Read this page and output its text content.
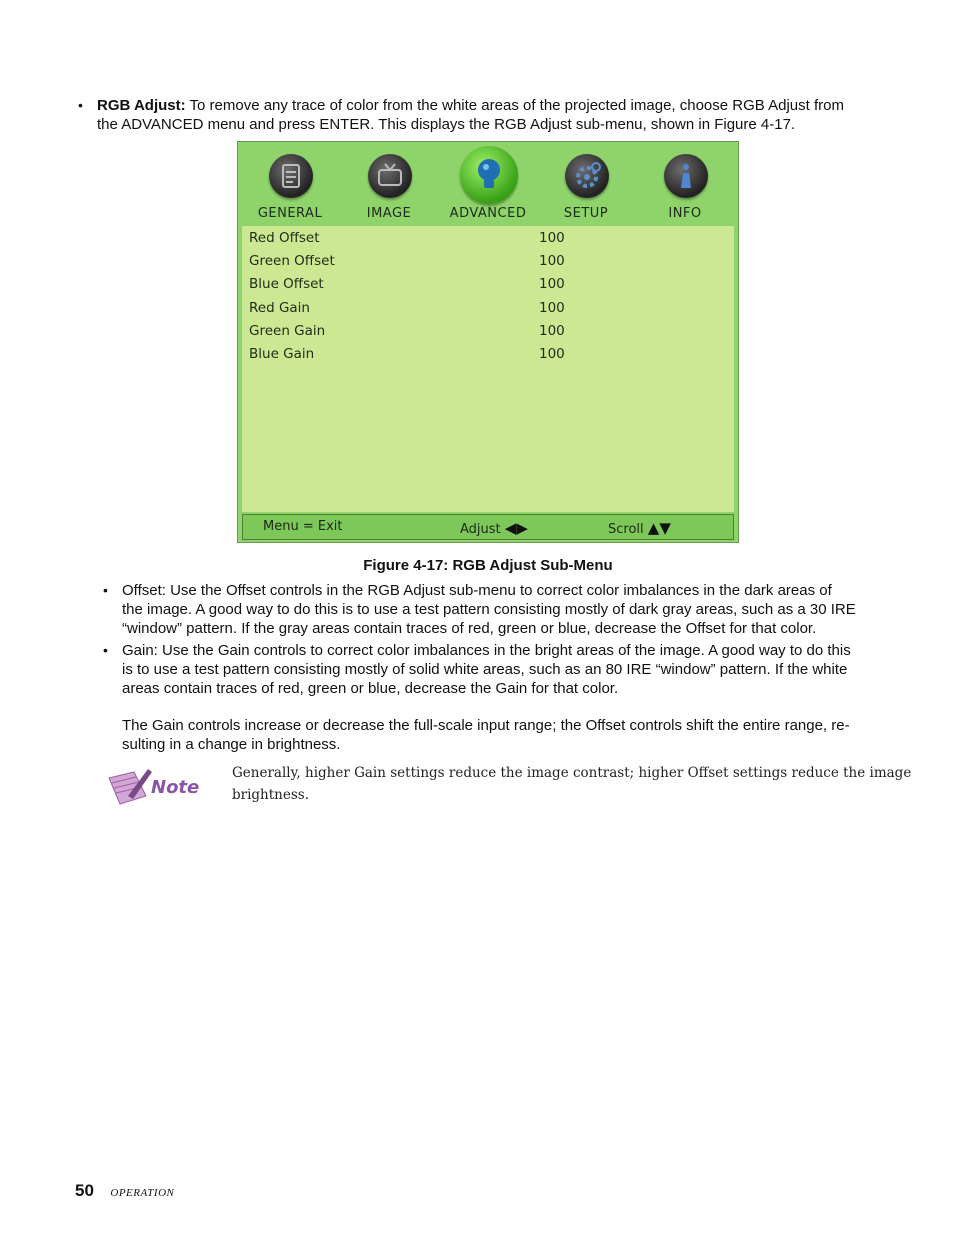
• RGB Adjust: To remove any trace of color from the white areas of the projected image, choose RGB Adjust from
the ADVANCED menu and press ENTER. This displays the RGB Adjust sub-menu, shown in Figure 4-17.
GENERAL	IMAGE	ADVANCED	SETUP	INFO
Red Offset	100
Green Offset	100
Blue Offset	100
Red Gain	100
Green Gain	100
Blue Gain	100
Menu = Exit	Adjust ◀▶	Scroll ▲▼
Figure 4-17: RGB Adjust Sub-Menu
• Offset: Use the Offset controls in the RGB Adjust sub-menu to correct color imbalances in the dark areas of
the image. A good way to do this is to use a test pattern consisting mostly of dark gray areas, such as a 30 IRE
“window” pattern. If the gray areas contain traces of red, green or blue, decrease the Offset for that color.
• Gain: Use the Gain controls to correct color imbalances in the bright areas of the image. A good way to do this
is to use a test pattern consisting mostly of solid white areas, such as an 80 IRE “window” pattern. If the white
areas contain traces of red, green or blue, decrease the Gain for that color.
The Gain controls increase or decrease the full-scale input range; the Offset controls shift the entire range, re-
sulting in a change in brightness.
Note
Generally, higher Gain settings reduce the image contrast; higher Offset settings reduce the image
brightness.
50 OPERATION
